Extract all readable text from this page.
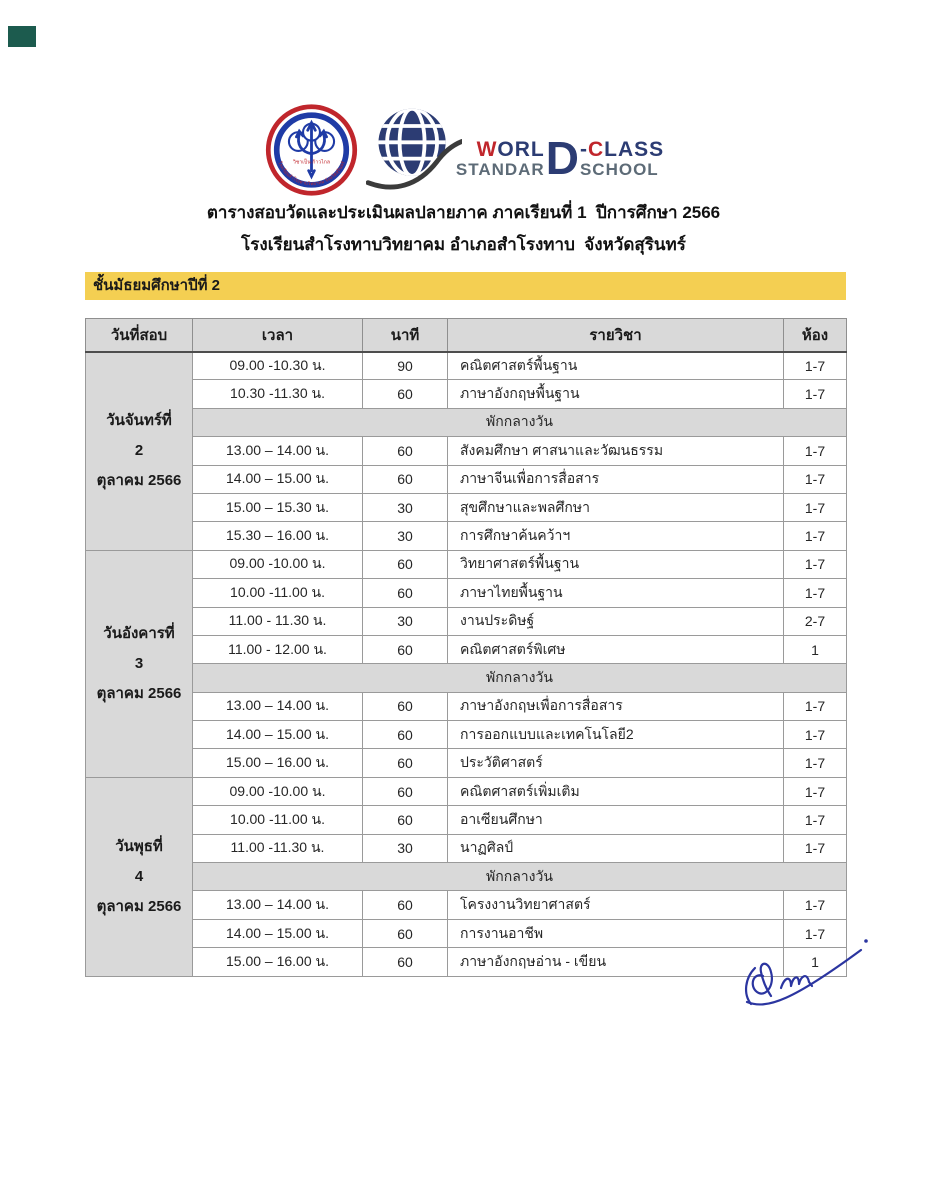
วิชาเป็น ก้าวไกล
โรงเรียนสำโรงทาบวิทยาคม จังหวัดสุรินทร์
WORL
STANDAR D -CLASS
SCHOOL
ตารางสอบวัดและประเมินผลปลายภาค ภาคเรียนที่ 1  ปีการศึกษา 2566
โรงเรียนสำโรงทาบวิทยาคม อำเภอสำโรงทาบ  จังหวัดสุรินทร์
ชั้นมัธยมศึกษาปีที่ 2
วันที่สอบ	เวลา	นาที	รายวิชา	ห้อง

วันจันทร์ที่
2
ตุลาคม 2566	09.00 -10.30 น.	90	คณิตศาสตร์พื้นฐาน	1-7
	10.30 -11.30 น.	60	ภาษาอังกฤษพื้นฐาน	1-7
	พักกลางวัน			
	13.00 – 14.00 น.	60	สังคมศึกษา ศาสนาและวัฒนธรรม	1-7
	14.00 – 15.00 น.	60	ภาษาจีนเพื่อการสื่อสาร	1-7
	15.00 – 15.30 น.	30	สุขศึกษาและพลศึกษา	1-7
	15.30 – 16.00 น.	30	การศึกษาค้นคว้าฯ	1-7

วันอังคารที่
3
ตุลาคม 2566	09.00 -10.00 น.	60	วิทยาศาสตร์พื้นฐาน	1-7
	10.00 -11.00 น.	60	ภาษาไทยพื้นฐาน	1-7
	11.00 - 11.30 น.	30	งานประดิษฐ์	2-7
	11.00 - 12.00 น.	60	คณิตศาสตร์พิเศษ	1
	พักกลางวัน			
	13.00 – 14.00 น.	60	ภาษาอังกฤษเพื่อการสื่อสาร	1-7
	14.00 – 15.00 น.	60	การออกแบบและเทคโนโลยี2	1-7
	15.00 – 16.00 น.	60	ประวัติศาสตร์	1-7

วันพุธที่
4
ตุลาคม 2566	09.00 -10.00 น.	60	คณิตศาสตร์เพิ่มเติม	1-7
	10.00 -11.00 น.	60	อาเซียนศึกษา	1-7
	11.00 -11.30 น.	30	นาฏศิลป์	1-7
	พักกลางวัน			
	13.00 – 14.00 น.	60	โครงงานวิทยาศาสตร์	1-7
	14.00 – 15.00 น.	60	การงานอาชีพ	1-7
	15.00 – 16.00 น.	60	ภาษาอังกฤษอ่าน - เขียน	1
